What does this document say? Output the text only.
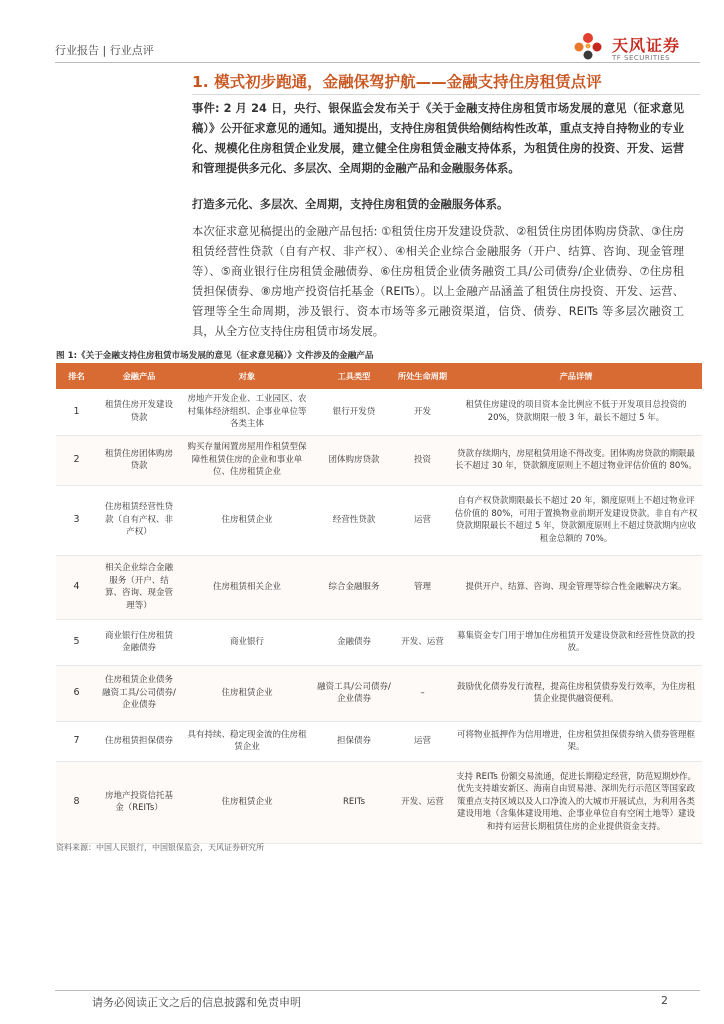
行业报告 | 行业点评	天风证券
TF SECURITIES
1. 模式初步跑通，金融保驾护航——金融支持住房租赁点评

事件: 2 月 24 日，央行、银保监会发布关于《关于金融支持住房租赁市场发展的意见（征求意见稿）》公开征求意见的通知。通知提出，支持住房租赁供给侧结构性改革，重点支持自持物业的专业化、规模化住房租赁企业发展，建立健全住房租赁金融支持体系，为租赁住房的投资、开发、运营和管理提供多元化、多层次、全周期的金融产品和金融服务体系。

打造多元化、多层次、全周期，支持住房租赁的金融服务体系。

本次征求意见稿提出的金融产品包括: ①租赁住房开发建设贷款、②租赁住房团体购房贷款、③住房租赁经营性贷款（自有产权、非产权）、④相关企业综合金融服务（开户、结算、咨询、现金管理等）、⑤商业银行住房租赁金融债券、⑥住房租赁企业债务融资工具/公司债券/企业债券、⑦住房租赁担保债券、⑧房地产投资信托基金（REITs）。以上金融产品涵盖了租赁住房投资、开发、运营、管理等全生命周期，涉及银行、资本市场等多元融资渠道，信贷、债券、REITs 等多层次融资工具，从全方位支持住房租赁市场发展。

图 1:《关于金融支持住房租赁市场发展的意见（征求意见稿）》文件涉及的金融产品
排名	金融产品	对象	工具类型	所处生命周期	产品详情
1	租赁住房开发建设贷款	房地产开发企业、工业园区、农村集体经济组织、企事业单位等各类主体	银行开发贷	开发	租赁住房建设的项目资本金比例应不低于开发项目总投资的 20%，贷款期限一般 3 年，最长不超过 5 年。
2	租赁住房团体购房贷款	购买存量闲置房屋用作租赁型保障性租赁住房的企业和事业单位、住房租赁企业	团体购房贷款	投资	贷款存续期内，房屋租赁用途不得改变。团体购房贷款的期限最长不超过 30 年，贷款额度原则上不超过物业评估价值的 80%。
3	住房租赁经营性贷款（自有产权、非产权）	住房租赁企业	经营性贷款	运营	自有产权贷款期限最长不超过 20 年，额度原则上不超过物业评估价值的 80%，可用于置换物业前期开发建设贷款。非自有产权贷款期限最长不超过 5 年，贷款额度原则上不超过贷款期内应收租金总额的 70%。
4	相关企业综合金融服务（开户、结算、咨询、现金管理等）	住房租赁相关企业	综合金融服务	管理	提供开户、结算、咨询、现金管理等综合性金融解决方案。
5	商业银行住房租赁金融债券	商业银行	金融债券	开发、运营	募集资金专门用于增加住房租赁开发建设贷款和经营性贷款的投放。
6	住房租赁企业债务融资工具/公司债券/企业债券	住房租赁企业	融资工具/公司债券/企业债券	–	鼓励优化债券发行流程，提高住房租赁债券发行效率，为住房租赁企业提供融资便利。
7	住房租赁担保债券	具有持续、稳定现金流的住房租赁企业	担保债券	运营	可将物业抵押作为信用增进，住房租赁担保债券纳入债券管理框架。
8	房地产投资信托基金（REITs）	住房租赁企业	REITs	开发、运营	支持 REITs 份额交易流通，促进长期稳定经营，防范短期炒作。优先支持雄安新区、海南自由贸易港、深圳先行示范区等国家政策重点支持区域以及人口净流入的大城市开展试点，为利用各类建设用地（含集体建设用地、企事业单位自有空闲土地等）建设和持有运营长期租赁住房的企业提供资金支持。
资料来源：中国人民银行，中国银保监会，天风证券研究所
请务必阅读正文之后的信息披露和免责申明	2
